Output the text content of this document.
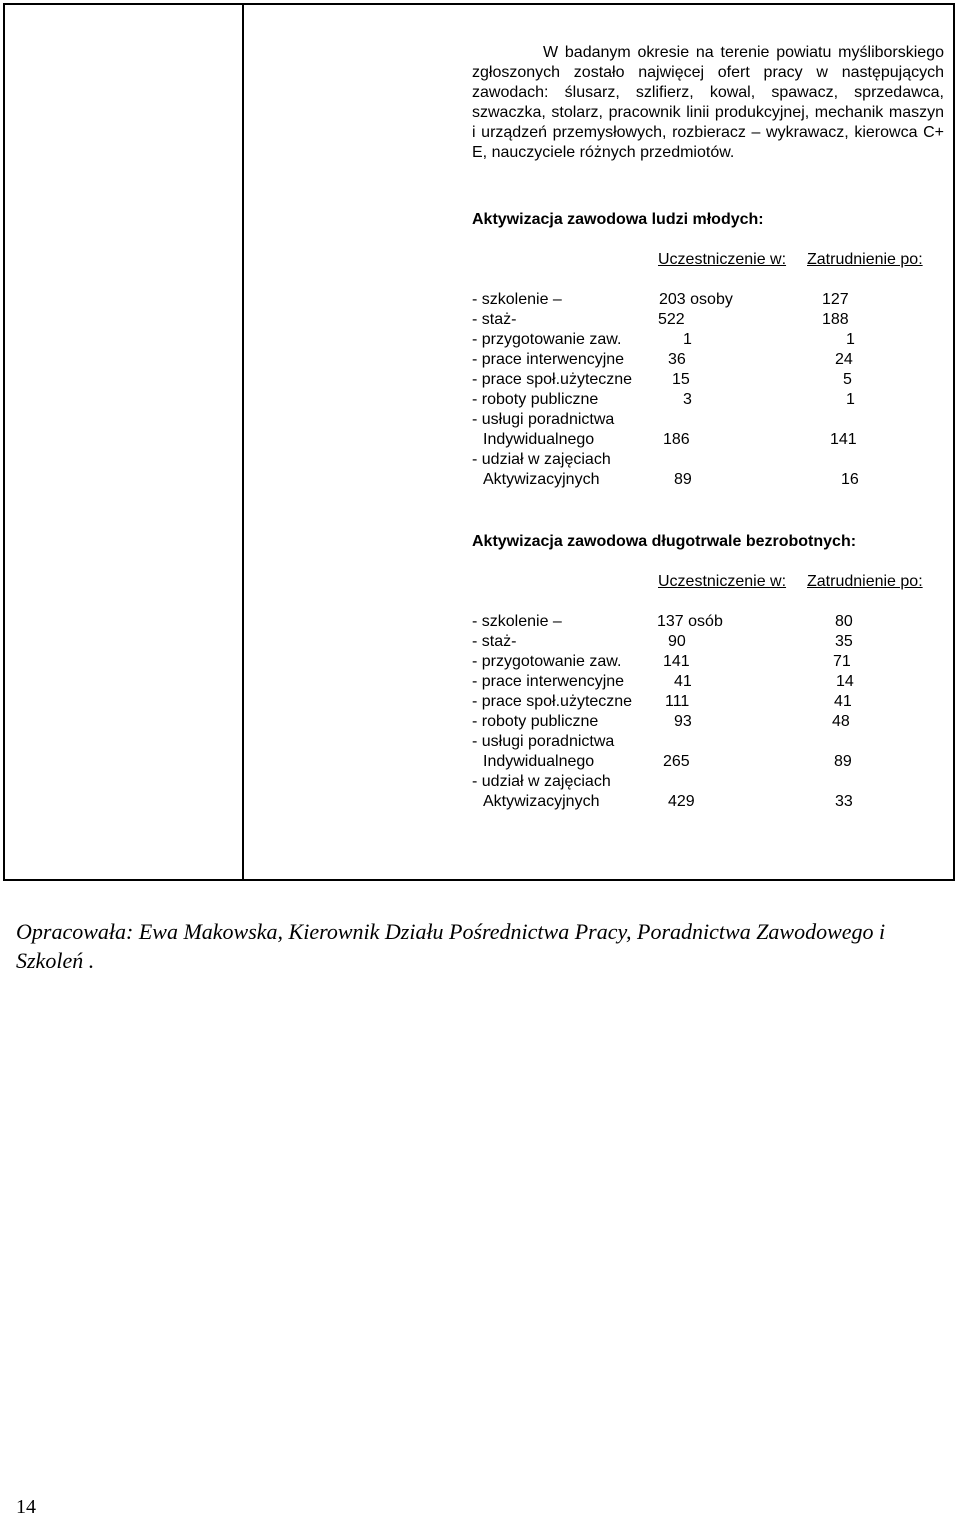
W badanym okresie na terenie powiatu myśliborskiego zgłoszonych zostało najwięcej ofert pracy w następujących zawodach: ślusarz, szlifierz, kowal, spawacz, sprzedawca, szwaczka, stolarz, pracownik linii produkcyjnej, mechanik maszyn i urządzeń przemysłowych, rozbieracz – wykrawacz, kierowca C+ E, nauczyciele różnych przedmiotów.

Aktywizacja zawodowa ludzi młodych:
Uczestniczenie w: Zatrudnienie po:
- szkolenie –	203 osoby	127
- staż-	522	188
- przygotowanie zaw.	1	1
- prace interwencyjne	36	24
- prace społ.użyteczne 15	5
- roboty publiczne	3	1
- usługi poradnictwa
Indywidualnego	186	141
- udział w zajęciach
Aktywizacyjnych	89	16
Aktywizacja zawodowa długotrwale bezrobotnych:
Uczestniczenie w: Zatrudnienie po:
- szkolenie –	137 osób	80
- staż-	90	35
- przygotowanie zaw.	141	71
- prace interwencyjne	41	14
- prace społ.użyteczne 111	41
- roboty publiczne	93	48
- usługi poradnictwa
Indywidualnego	265	89
- udział w zajęciach
Aktywizacyjnych	429	33
Opracowała: Ewa Makowska, Kierownik Działu Pośrednictwa Pracy, Poradnictwa Zawodowego i Szkoleń .
14
